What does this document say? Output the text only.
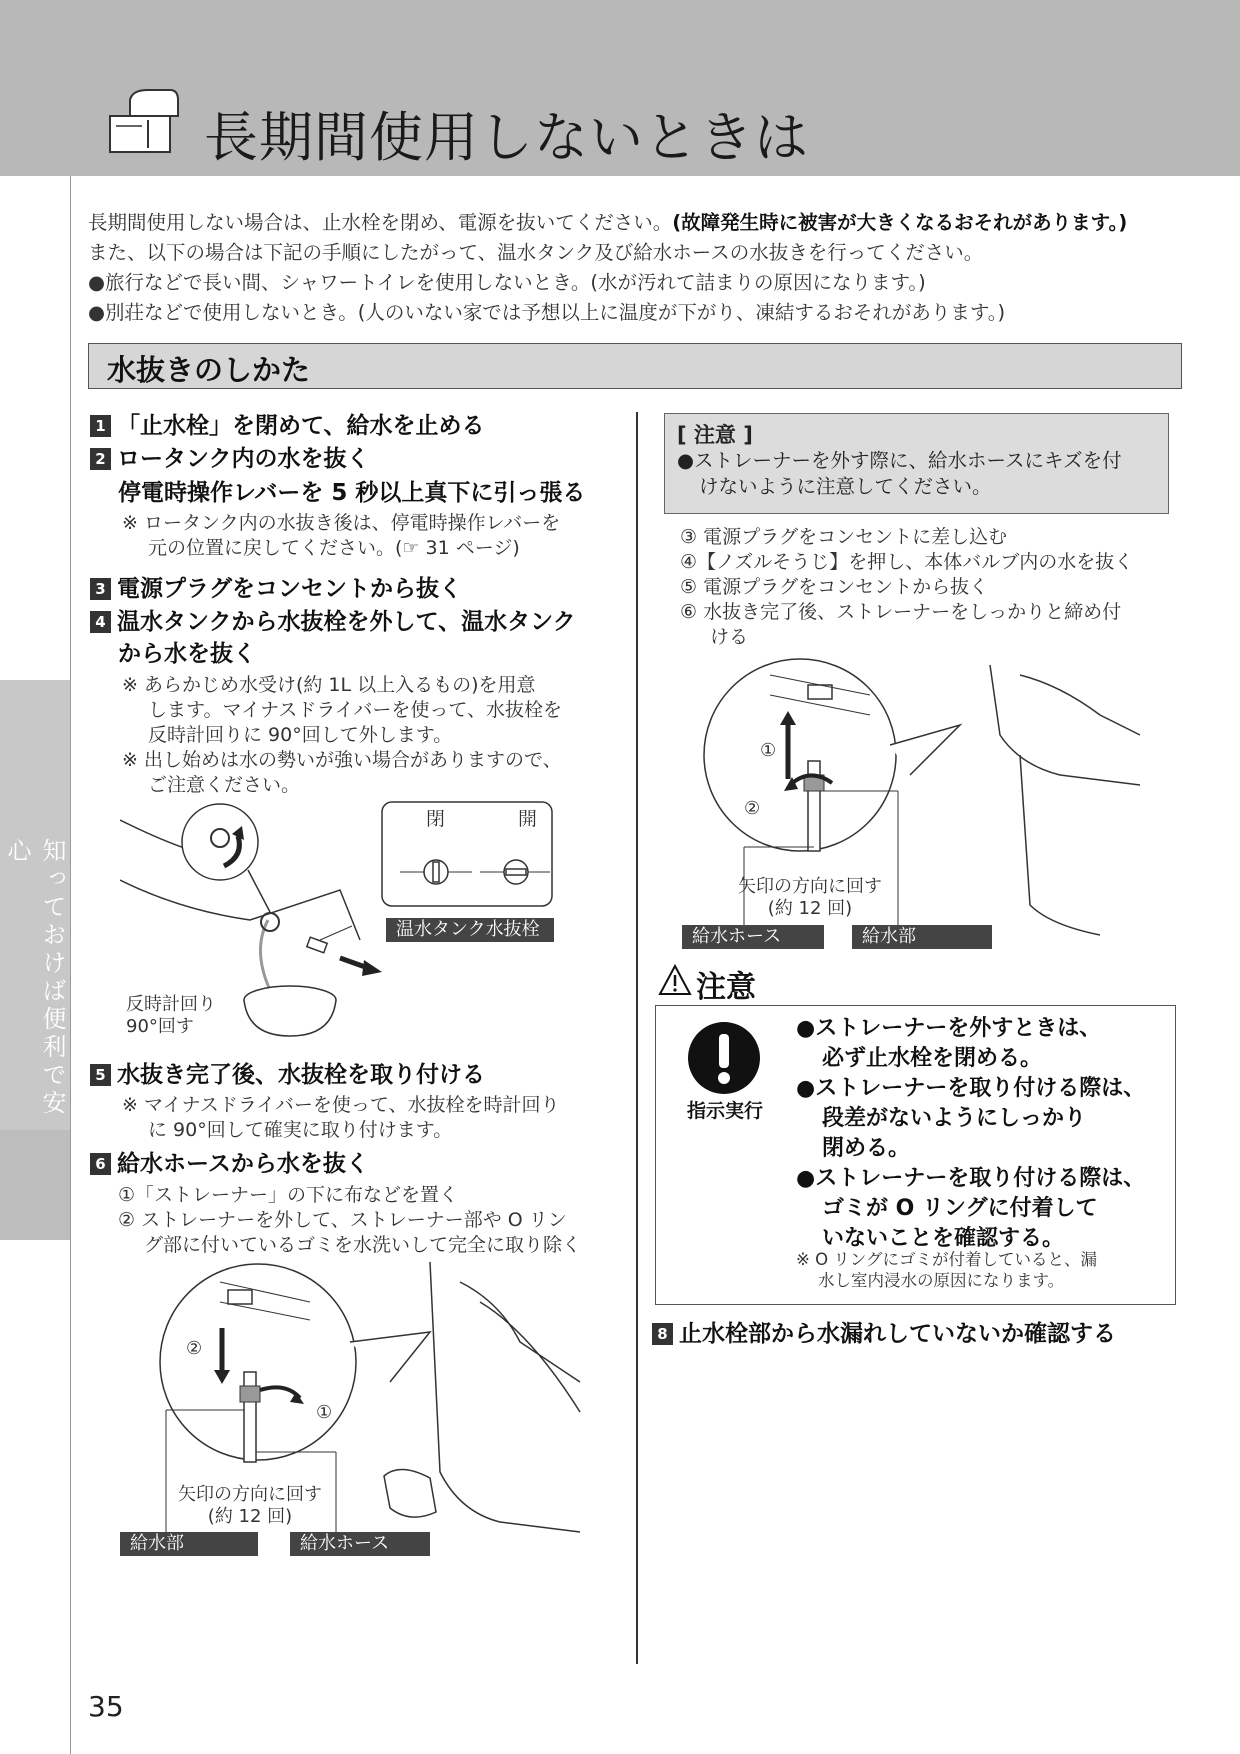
長期間使用しないときは
知っておけば便利で安心
長期間使用しない場合は、止水栓を閉め、電源を抜いてください。(故障発生時に被害が大きくなるおそれがあります。)
また、以下の場合は下記の手順にしたがって、温水タンク及び給水ホースの水抜きを行ってください。
●旅行などで長い間、シャワートイレを使用しないとき。(水が汚れて詰まりの原因になります。)
●別荘などで使用しないとき。(人のいない家では予想以上に温度が下がり、凍結するおそれがあります。)
水抜きのしかた
1 「止水栓」を閉めて、給水を止める
2 ロータンク内の水を抜く
停電時操作レバーを 5 秒以上真下に引っ張る
※ ロータンク内の水抜き後は、停電時操作レバーを
元の位置に戻してください。(☞ 31 ページ)
3 電源プラグをコンセントから抜く
4 温水タンクから水抜栓を外して、温水タンク
から水を抜く
※ あらかじめ水受け(約 1L 以上入るもの)を用意
します。マイナスドライバーを使って、水抜栓を
反時計回りに 90°回して外します。
※ 出し始めは水の勢いが強い場合がありますので、
ご注意ください。
閉	開
温水タンク水抜栓
反時計回り
90°回す
5 水抜き完了後、水抜栓を取り付ける
※ マイナスドライバーを使って、水抜栓を時計回り
に 90°回して確実に取り付けます。
6 給水ホースから水を抜く
①「ストレーナー」の下に布などを置く
② ストレーナーを外して、ストレーナー部や O リン
グ部に付いているゴミを水洗いして完全に取り除く
②
①
矢印の方向に回す
(約 12 回)
給水部	給水ホース
[ 注意 ]
●ストレーナーを外す際に、給水ホースにキズを付
けないように注意してください。
③ 電源プラグをコンセントに差し込む
④【ノズルそうじ】を押し、本体バルブ内の水を抜く
⑤ 電源プラグをコンセントから抜く
⑥ 水抜き完了後、ストレーナーをしっかりと締め付
ける
①
②
矢印の方向に回す
(約 12 回)
給水ホース	給水部
注意
指示実行
●ストレーナーを外すときは、
必ず止水栓を閉める。
●ストレーナーを取り付ける際は、
段差がないようにしっかり
閉める。
●ストレーナーを取り付ける際は、
ゴミが O リングに付着して
いないことを確認する。
※ O リングにゴミが付着していると、漏
水し室内浸水の原因になります。
8 止水栓部から水漏れしていないか確認する
35
